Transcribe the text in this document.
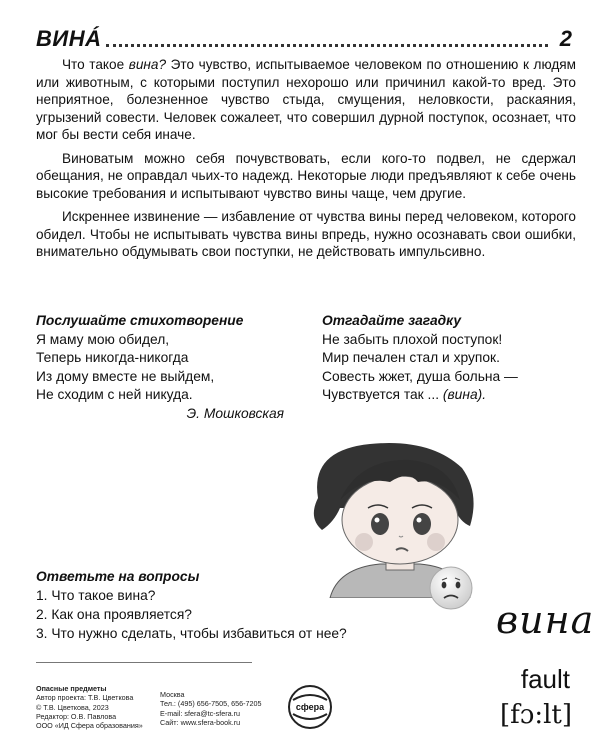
ВИНÁ	2

Что такое вина? Это чувство, испытываемое человеком по отношению к людям или животным, с которыми поступил нехорошо или причинил какой-то вред. Это неприятное, болезненное чувство стыда, смущения, неловкости, раскаяния, угрызений совести. Человек сожалеет, что совершил дурной поступок, осознает, что мог бы вести себя иначе.

Виноватым можно себя почувствовать, если кого-то подвел, не сдержал обещания, не оправдал чьих-то надежд. Некоторые люди предъявляют к себе очень высокие требования и испытывают чувство вины чаще, чем другие.

Искреннее извинение — избавление от чувства вины перед человеком, которого обидел. Чтобы не испытывать чувства вины впредь, нужно осознавать свои ошибки, внимательно обдумывать свои поступки, не действовать импульсивно.

Послушайте стихотворение
Я маму мою обидел,
Теперь никогда-никогда
Из дому вместе не выйдем,
Не сходим с ней никуда.
Э. Мошковская
Отгадайте загадку
Не забыть плохой поступок!
Мир печален стал и хрупок.
Совесть жжет, душа больна —
Чувствуется так ... (вина).
Ответьте на вопросы
1. Что такое вина?
2. Как она проявляется?
3. Что нужно сделать, чтобы избавиться от нее?	вина
Опасные предметы
Автор проекта: Т.В. Цветкова
© Т.В. Цветкова, 2023
Редактор: О.В. Павлова
ООО «ИД Сфера образования»
Москва
Тел.: (495) 656-7505, 656-7205
E-mail: sfera@tc-sfera.ru
Сайт: www.sfera-book.ru
сфера
fault
[fɔ:lt]
